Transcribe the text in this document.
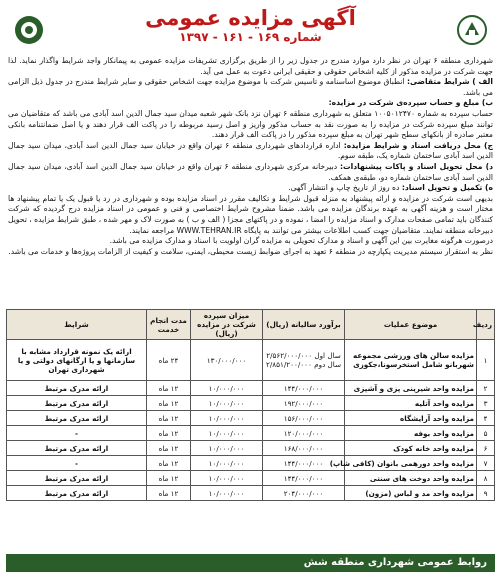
آگهی مزایده عمومی
شماره ۱۶۹ - ۱۶۱ - ۱۳۹۷

شهرداری منطقه ۶ تهران در نظر دارد موارد مندرج در جدول زیر را از طریق برگزاری تشریفات مزایده عمومی به پیمانکار واجد شرایط واگذار نماید. لذا جهت شرکت در مزایده مذکور از کلیه اشخاص حقوقی و حقیقی ایرانی دعوت به عمل می آید.

الف ) شرایط متقاضی: انطباق موضوع اساسنامه و تاسیس شرکت با موضوع مزایده جهت اشخاص حقوقی و سایر شرایط مندرج در جدول ذیل الزامی می باشد.

ب) مبلغ و حساب سپرده‌ی شرکت در مزایده:

حساب سپرده به شماره ۱۰۰۵۰۱۲۴۷۰ متعلق به شهرداری منطقه ۶ تهران نزد بانک شهر شعبه میدان سید جمال الدین اسد آبادی می باشد که متقاضیان می توانند مبلغ سپرده شرکت در مزایده را به صورت نقد به حساب مذکور واریز و اصل رسید مربوطه را در پاکت الف قرار دهند و یا اصل ضمانتنامه بانکی معتبر صادره از بانکهای سطح شهر تهران به مبلغ سپرده مذکور را در پاکت الف قرار دهند.

ج) محل دریافت اسناد و شرایط مزایده: اداره قراردادهای شهرداری منطقه ۶ تهران واقع در خیابان سید جمال الدین اسد آبادی، میدان سید جمال الدین اسد آبادی ساختمان شماره یک، طبقه سوم.

د) محل تحویل اسناد و پاکات پیشنهادات: دبیرخانه مرکزی شهرداری منطقه ۶ تهران واقع در خیابان سید جمال الدین اسد آبادی، میدان سید جمال الدین اسد آبادی ساختمان شماره دو، طبقه‌ی همکف.

ه) تکمیل و تحویل اسناد: ده روز از تاریخ چاپ و انتشار آگهی.

بدیهی است شرکت در مزایده و ارائه پیشنهاد به منزله قبول شرایط و تکالیف مقرر در اسناد مزایده بوده و شهرداری در رد یا قبول یک یا تمام پیشنهاد ها مختار است و هزینه آگهی به عهده برندگان مزایده می باشد. ضمنا مشروح شرایط اختصاصی و فنی و عمومی در اسناد مزایده درج گردیده که شرکت کنندگان باید تمامی صفحات مدارک و اسناد مزایده را امضا ، نموده و در پاکتهای مجزا ( الف و ب ) به صورت لاک و مهر شده ، طبق شرایط مزایده ، تحویل دبیرخانه منطقه نمایند. متقاضیان جهت کسب اطلاعات بیشتر می توانند به پایگاه WWW.TEHRAN.IR مراجعه نمایند.

درصورت هرگونه مغایرت بین این آگهی و اسناد و مدارک تحویلی به مزایده گران اولویت با اسناد و مدارک مزایده می باشد.

نظر به استقرار سیستم مدیریت یکپارچه در منطقه ۶ تعهد به اجرای ضوابط زیست محیطی، ایمنی، سلامت و کیفیت از الزامات پروژه‌ها و خدمات می باشد.

ردیف	موضوع عملیات	برآورد سالیانه (ریال)	میزان سپرده شرکت در مزایده (ریال)	مدت انجام خدمت	شرایط
۱	مزایده سالن های ورزشی مجموعه شهربانو شامل استخرسونا،جکوزی	سال اول ۲/۵۶۲/۰۰۰/۰۰۰ سال دوم ۲/۸۵۱/۲۰۰/۰۰۰	۱۳۰/۰۰۰/۰۰۰	۲۴ ماه	ارائه یک نمونه قرارداد مشابه با سازمانها و یا ارگانهای دولتی و یا شهرداری تهران
۲	مزایده واحد شیرینی پزی و آشپزی	۱۴۴/۰۰۰/۰۰۰	۱۰/۰۰۰/۰۰۰	۱۲ ماه	ارائه مدرک مرتبط
۳	مزایده واحد آتلیه	۱۹۲/۰۰۰/۰۰۰	۱۰/۰۰۰/۰۰۰	۱۲ ماه	ارائه مدرک مرتبط
۴	مزایده واحد آرایشگاه	۱۵۶/۰۰۰/۰۰۰	۱۰/۰۰۰/۰۰۰	۱۲ ماه	ارائه مدرک مرتبط
۵	مزایده واحد بوفه	۱۲۰/۰۰۰/۰۰۰	۱۰/۰۰۰/۰۰۰	۱۲ ماه	-
۶	مزایده واحد خانه کودک	۱۶۸/۰۰۰/۰۰۰	۱۰/۰۰۰/۰۰۰	۱۲ ماه	ارائه مدرک مرتبط
۷	مزایده واحد دورهمی بانوان (کافی شاپ)	۱۴۴/۰۰۰/۰۰۰	۱۰/۰۰۰/۰۰۰	۱۲ ماه	-
۸	مزایده واحد دوخت های سنتی	۱۴۴/۰۰۰/۰۰۰	۱۰/۰۰۰/۰۰۰	۱۲ ماه	ارائه مدرک مرتبط
۹	مزایده واحد مد و لباس (مزون)	۲۰۴/۰۰۰/۰۰۰	۱۰/۰۰۰/۰۰۰	۱۲ ماه	ارائه مدرک مرتبط
روابط عمومی شهرداری منطقه شش
